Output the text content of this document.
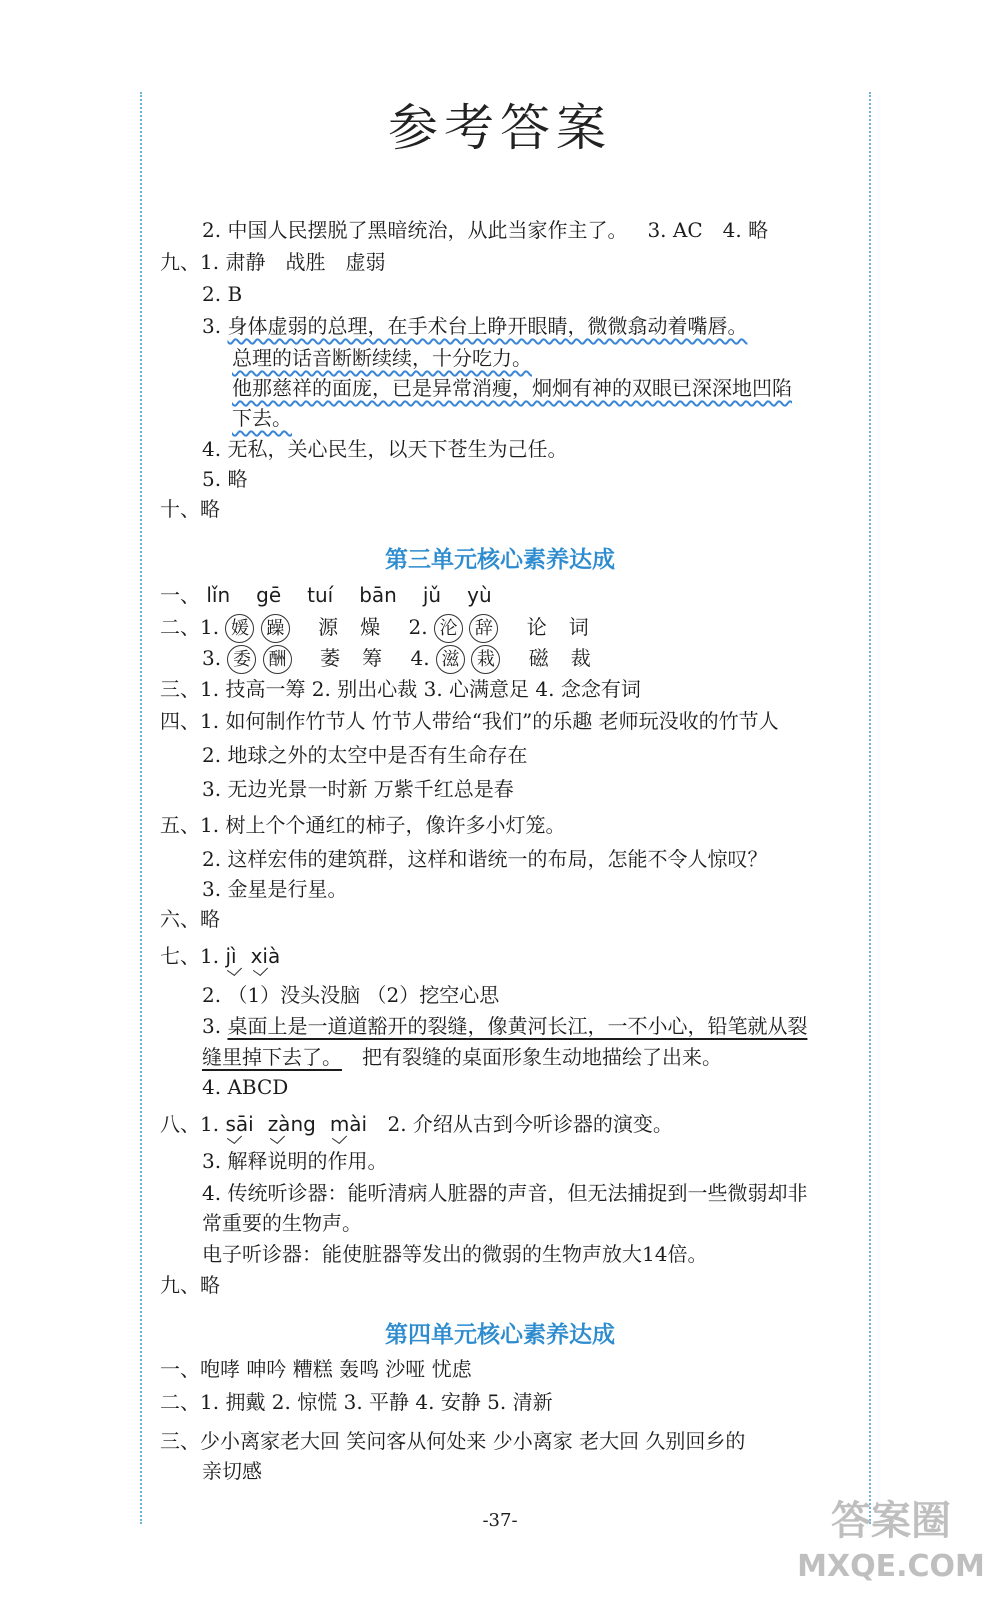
参考答案
2. 中国人民摆脱了黑暗统治，从此当家作主了。 3. AC 4. 略
九、1. 肃静 战胜 虚弱
2. B
3. 身体虚弱的总理，在手术台上睁开眼睛，微微翕动着嘴唇。
总理的话音断断续续，十分吃力。
他那慈祥的面庞，已是异常消瘦，炯炯有神的双眼已深深地凹陷
下去。
4. 无私，关心民生，以天下苍生为己任。
5. 略
十、略
第三单元核心素养达成
一、 lǐn gē tuí bān jǔ yù
二、1. 媛 躁 源 燥 2. 沦 辞 论 词
3. 委 酬 萎 筹 4. 滋 栽 磁 裁
三、1. 技高一筹 2. 别出心裁 3. 心满意足 4. 念念有词
四、1. 如何制作竹节人 竹节人带给“我们”的乐趣 老师玩没收的竹节人
2. 地球之外的太空中是否有生命存在
3. 无边光景一时新 万紫千红总是春
五、1. 树上个个通红的柿子，像许多小灯笼。
2. 这样宏伟的建筑群，这样和谐统一的布局，怎能不令人惊叹？
3. 金星是行星。
六、略
七、1. jì xià
2. （1）没头没脑 （2）挖空心思
3. 桌面上是一道道豁开的裂缝，像黄河长江，一不小心，铅笔就从裂
缝里掉下去了。 把有裂缝的桌面形象生动地描绘了出来。
4. ABCD
八、1. sāi zàng mài 2. 介绍从古到今听诊器的演变。
3. 解释说明的作用。
4. 传统听诊器：能听清病人脏器的声音，但无法捕捉到一些微弱却非
常重要的生物声。
电子听诊器：能使脏器等发出的微弱的生物声放大14倍。
九、略
第四单元核心素养达成
一、咆哮 呻吟 糟糕 轰鸣 沙哑 忧虑
二、1. 拥戴 2. 惊慌 3. 平静 4. 安静 5. 清新
三、少小离家老大回 笑问客从何处来 少小离家 老大回 久别回乡的
亲切感
-37-	答案圈
MXQE.COM
